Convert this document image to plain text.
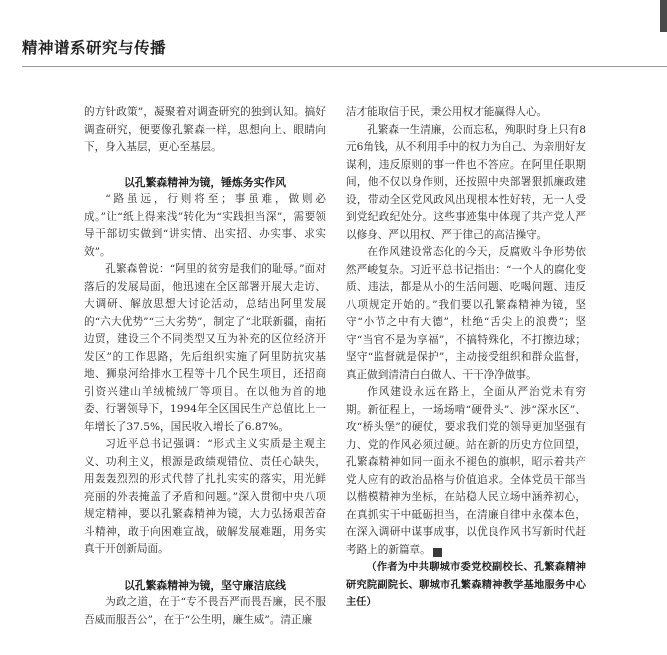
精神谱系研究与传播

的方针政策”，凝聚着对调查研究的独到认知。搞好调查研究，便要像孔繁森一样，思想向上、眼睛向下，身入基层，更心至基层。

以孔繁森精神为镜，锤炼务实作风

“路虽远，行则将至；事虽难，做则必成。”让“纸上得来浅”转化为“实践担当深”，需要领导干部切实做到“讲实情、出实招、办实事、求实效”。

孔繁森曾说：“阿里的贫穷是我们的耻辱。”面对落后的发展局面，他迅速在全区部署开展大走访、大调研、解放思想大讨论活动，总结出阿里发展的“六大优势”“三大劣势”，制定了“北联新疆，南拓边贸，建设三个不同类型又互为补充的区位经济开发区”的工作思路，先后组织实施了阿里防抗灾基地、狮泉河给排水工程等十几个民生项目，还招商引资兴建山羊绒梳绒厂等项目。在以他为首的地委、行署领导下，1994年全区国民生产总值比上一年增长了37.5%，国民收入增长了6.87%。

习近平总书记强调：“形式主义实质是主观主义、功利主义，根源是政绩观错位、责任心缺失，用轰轰烈烈的形式代替了扎扎实实的落实，用光鲜亮丽的外表掩盖了矛盾和问题。”深入贯彻中央八项规定精神，要以孔繁森精神为镜，大力弘扬艰苦奋斗精神，敢于向困难宣战，破解发展难题，用务实真干开创新局面。

以孔繁森精神为镜，坚守廉洁底线

为政之道，在于“专不畏吾严而畏吾廉，民不服吾威而服吾公”，在于“公生明，廉生威”。清正廉

洁才能取信于民，秉公用权才能赢得人心。

孔繁森一生清廉，公而忘私，殉职时身上只有8元6角钱，从不利用手中的权力为自己、为亲朋好友谋利，违反原则的事一件也不答应。在阿里任职期间，他不仅以身作则，还按照中央部署狠抓廉政建设，带动全区党风政风出现根本性好转，无一人受到党纪政纪处分。这些事迹集中体现了共产党人严以修身、严以用权、严于律己的高洁操守。

在作风建设常态化的今天，反腐败斗争形势依然严峻复杂。习近平总书记指出：“一个人的腐化变质、违法，都是从小的生活问题、吃喝问题、违反八项规定开始的。”我们要以孔繁森精神为镜，坚守“小节之中有大德”，杜绝“舌尖上的浪费”；坚守“当官不是为享福”，不搞特殊化，不打擦边球；坚守“监督就是保护”，主动接受组织和群众监督，真正做到清清白白做人、干干净净做事。

作风建设永远在路上，全面从严治党未有穷期。新征程上，一场场啃“硬骨头”、涉“深水区”、攻“桥头堡”的硬仗，要求我们党的领导更加坚强有力、党的作风必须过硬。站在新的历史方位回望，孔繁森精神如同一面永不褪色的旗帜，昭示着共产党人应有的政治品格与价值追求。全体党员干部当以楷模精神为坐标，在站稳人民立场中涵养初心，在真抓实干中砥砺担当，在清廉自律中永葆本色，在深入调研中谋事成事，以优良作风书写新时代赶考路上的新篇章。	K

（作者为中共聊城市委党校副校长、孔繁森精神研究院副院长、聊城市孔繁森精神教学基地服务中心主任）
